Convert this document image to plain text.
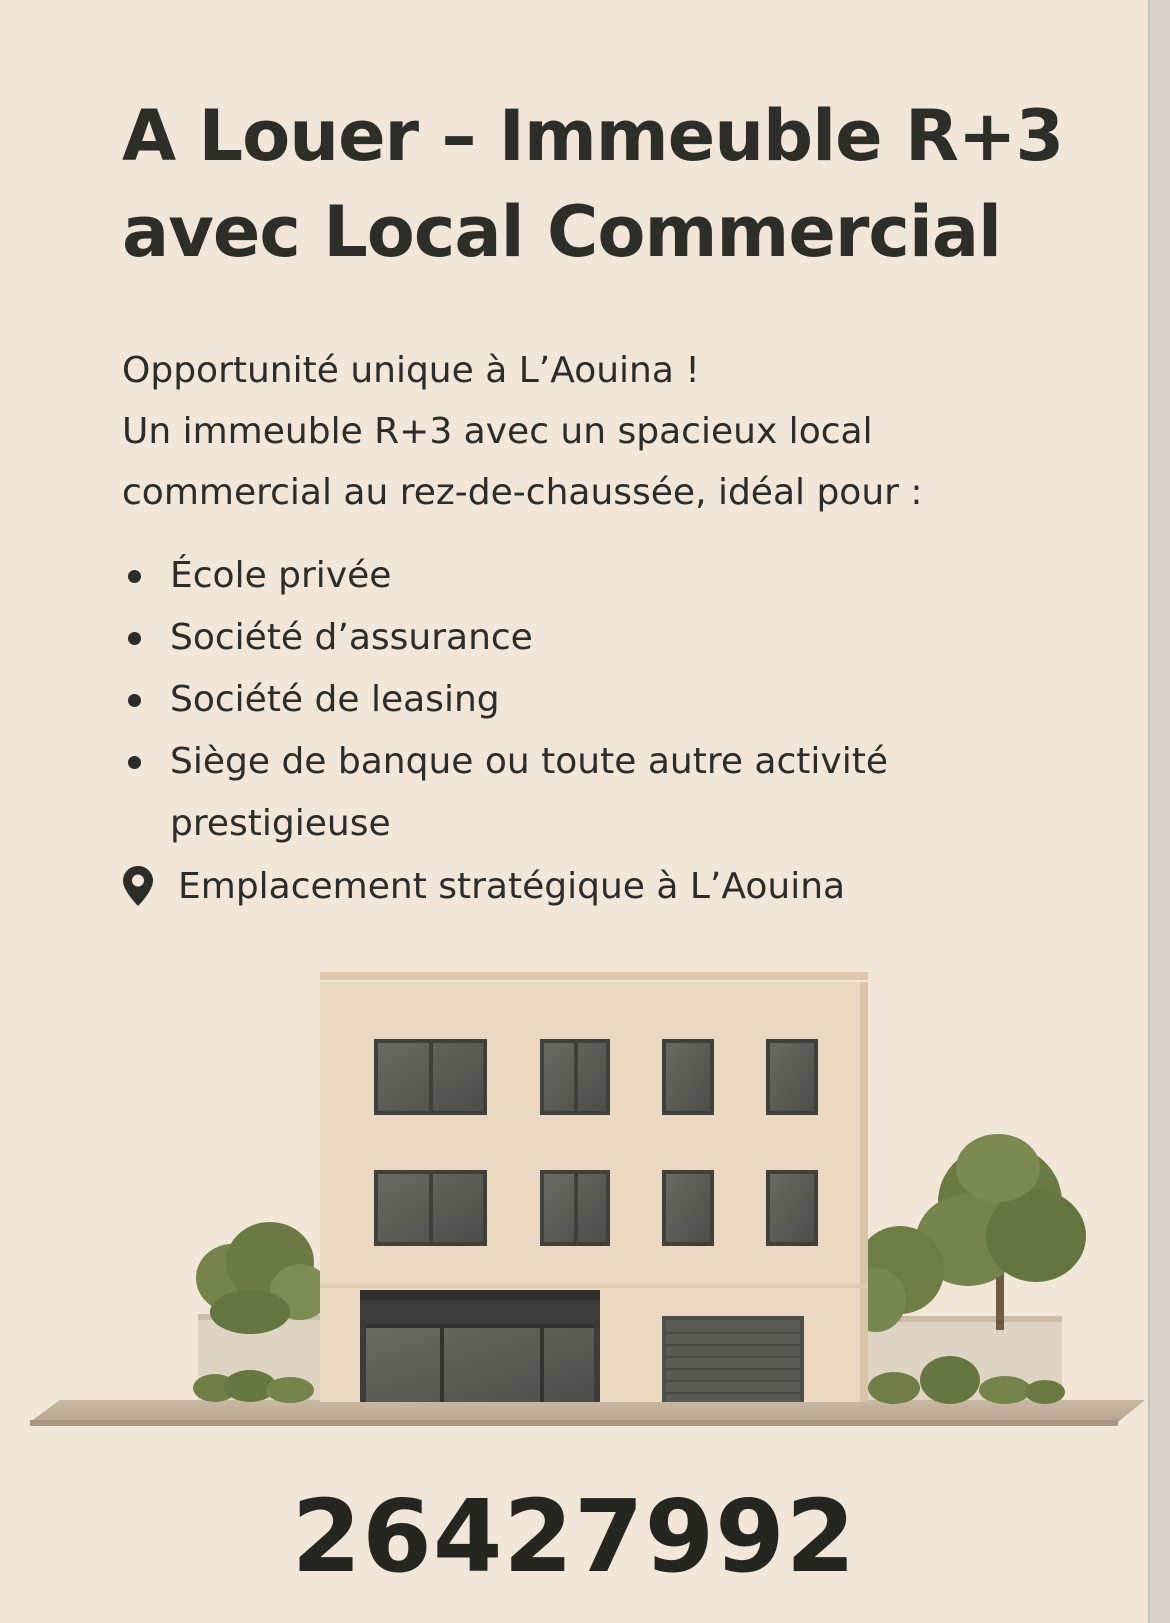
A Louer – Immeuble R+3
avec Local Commercial
Opportunité unique à L’Aouina !
Un immeuble R+3 avec un spacieux local
commercial au rez-de-chaussée, idéal pour :
École privée
Société d’assurance
Société de leasing
Siège de banque ou toute autre activité prestigieuse
Emplacement stratégique à L’Aouina
26427992
